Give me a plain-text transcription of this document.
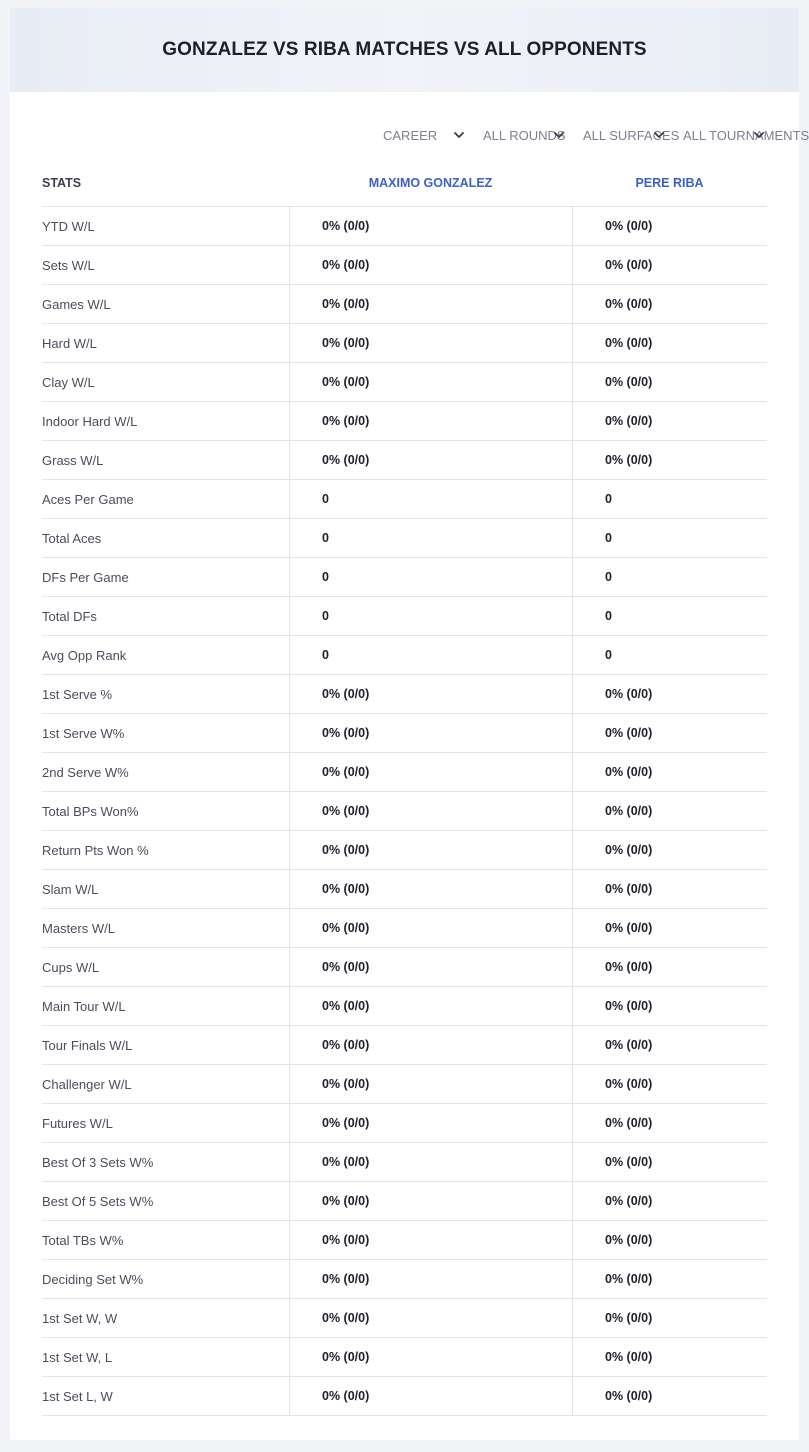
GONZALEZ VS RIBA MATCHES VS ALL OPPONENTS
CAREER	ALL ROUNDS ALL SURFACES ALL TOURNAMENTS
STATS	MAXIMO GONZALEZ	PERE RIBA
YTD W/L	0% (0/0)	0% (0/0)
Sets W/L	0% (0/0)	0% (0/0)
Games W/L	0% (0/0)	0% (0/0)
Hard W/L	0% (0/0)	0% (0/0)
Clay W/L	0% (0/0)	0% (0/0)
Indoor Hard W/L	0% (0/0)	0% (0/0)
Grass W/L	0% (0/0)	0% (0/0)
Aces Per Game	0	0
Total Aces	0	0
DFs Per Game	0	0
Total DFs	0	0
Avg Opp Rank	0	0
1st Serve %	0% (0/0)	0% (0/0)
1st Serve W%	0% (0/0)	0% (0/0)
2nd Serve W%	0% (0/0)	0% (0/0)
Total BPs Won%	0% (0/0)	0% (0/0)
Return Pts Won %	0% (0/0)	0% (0/0)
Slam W/L	0% (0/0)	0% (0/0)
Masters W/L	0% (0/0)	0% (0/0)
Cups W/L	0% (0/0)	0% (0/0)
Main Tour W/L	0% (0/0)	0% (0/0)
Tour Finals W/L	0% (0/0)	0% (0/0)
Challenger W/L	0% (0/0)	0% (0/0)
Futures W/L	0% (0/0)	0% (0/0)
Best Of 3 Sets W%	0% (0/0)	0% (0/0)
Best Of 5 Sets W%	0% (0/0)	0% (0/0)
Total TBs W%	0% (0/0)	0% (0/0)
Deciding Set W%	0% (0/0)	0% (0/0)
1st Set W, W	0% (0/0)	0% (0/0)
1st Set W, L	0% (0/0)	0% (0/0)
1st Set L, W	0% (0/0)	0% (0/0)
